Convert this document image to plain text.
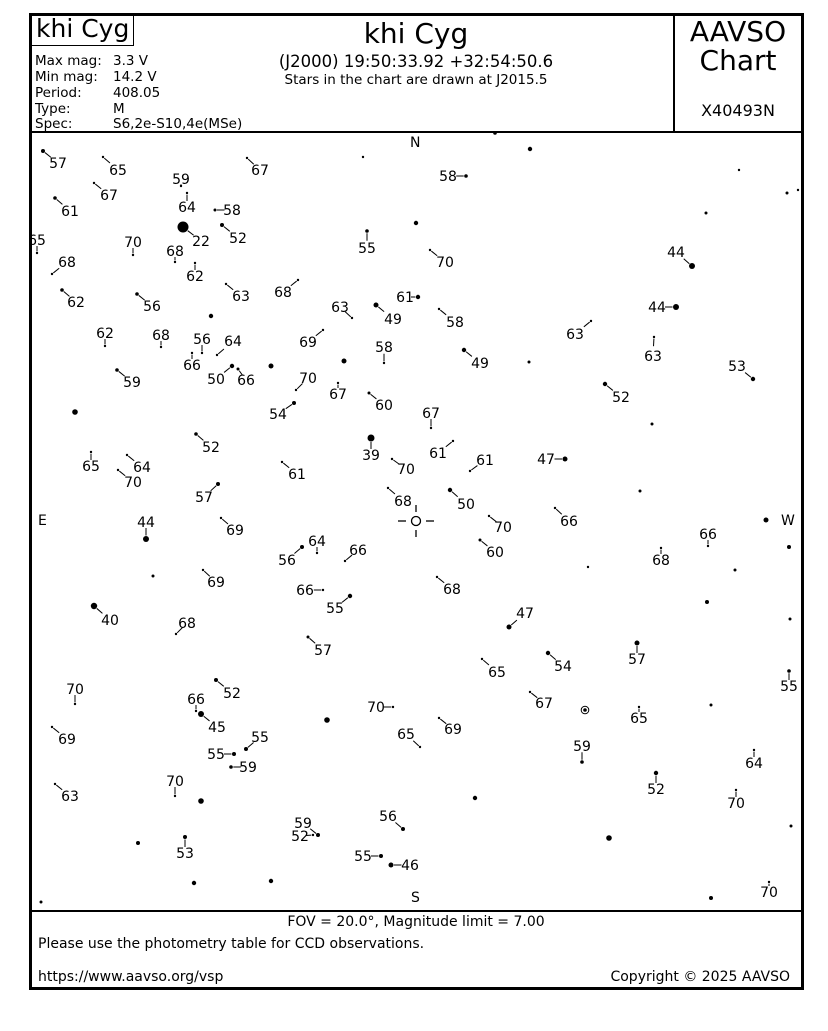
57	65	67
67
59
64 58
61
22 52
65	70
68
62
68
63 68
62	56
55
70
58
44
44
49
63
61
58
63
63
62	68 56 64
66
50 66
69	58
49
59
54
70
67
60	52
53
67
52	39	61
70
61	47
65 64
70	61
57	68	50
70	66
69
44
56
64
66	60
66
68
69	68
66
55
40	47
68
57
54
65
57
55
52
70
66
45
67
70
69
65
65
69	55
55
59
59
64
63
70	52
70
56
59
52
53	55
46
70
khi Cyg	khi Cyg
(J2000) 19:50:33.92 +32:54:50.6
Stars in the chart are drawn at J2015.5
AAVSO
Chart
X40493N
Max mag: 3.3 V
Min mag: 14.2 V
Period: 408.05
Type:	M
Spec:	S6,2e-S10,4e(MSe)
N
S
E	W
FOV = 20.0°, Magnitude limit = 7.00
Please use the photometry table for CCD observations.
https://www.aavso.org/vsp	Copyright © 2025 AAVSO
